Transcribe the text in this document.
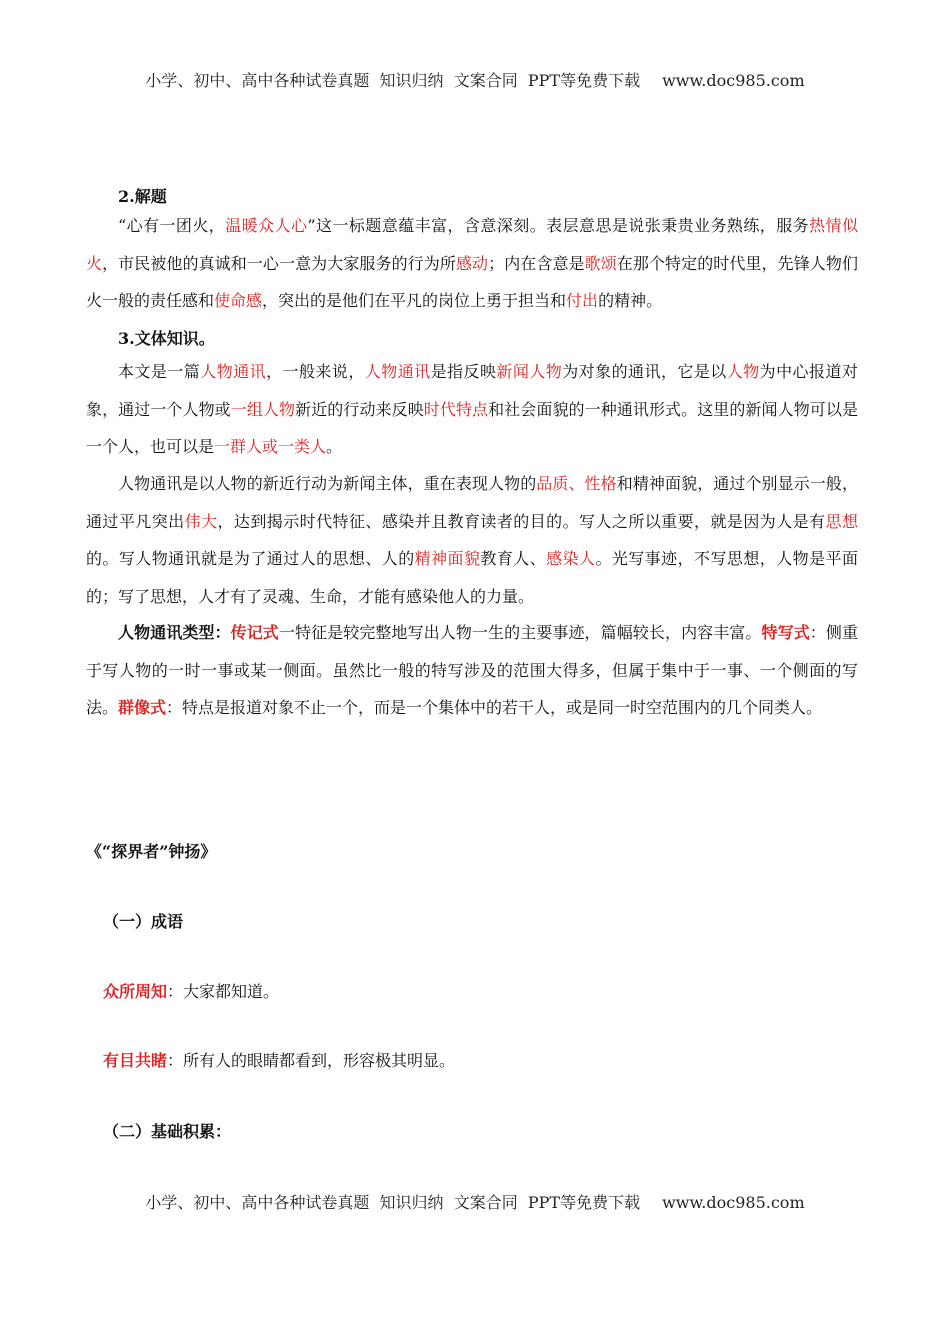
小学、初中、高中各种试卷真题  知识归纳  文案合同  PPT等免费下载 www.doc985.com

2.解题

“心有一团火，温暖众人心”这一标题意蕴丰富，含意深刻。表层意思是说张秉贵业务熟练，服务热情似火，市民被他的真诚和一心一意为大家服务的行为所感动；内在含意是歌颂在那个特定的时代里，先锋人物们火一般的责任感和使命感，突出的是他们在平凡的岗位上勇于担当和付出的精神。

3.文体知识。

本文是一篇人物通讯，一般来说，人物通讯是指反映新闻人物为对象的通讯，它是以人物为中心报道对象，通过一个人物或一组人物新近的行动来反映时代特点和社会面貌的一种通讯形式。这里的新闻人物可以是一个人，也可以是一群人或一类人。

人物通讯是以人物的新近行动为新闻主体，重在表现人物的品质、性格和精神面貌，通过个别显示一般，通过平凡突出伟大，达到揭示时代特征、感染并且教育读者的目的。写人之所以重要，就是因为人是有思想的。写人物通讯就是为了通过人的思想、人的精神面貌教育人、感染人。光写事迹，不写思想，人物是平面的；写了思想，人才有了灵魂、生命，才能有感染他人的力量。

人物通讯类型：传记式一特征是较完整地写出人物一生的主要事迹，篇幅较长，内容丰富。特写式：侧重于写人物的一时一事或某一侧面。虽然比一般的特写涉及的范围大得多，但属于集中于一事、一个侧面的写法。群像式：特点是报道对象不止一个，而是一个集体中的若干人，或是同一时空范围内的几个同类人。

《“探界者”钟扬》

（一）成语

众所周知：大家都知道。

有目共睹：所有人的眼睛都看到，形容极其明显。

（二）基础积累：

小学、初中、高中各种试卷真题  知识归纳  文案合同  PPT等免费下载 www.doc985.com
